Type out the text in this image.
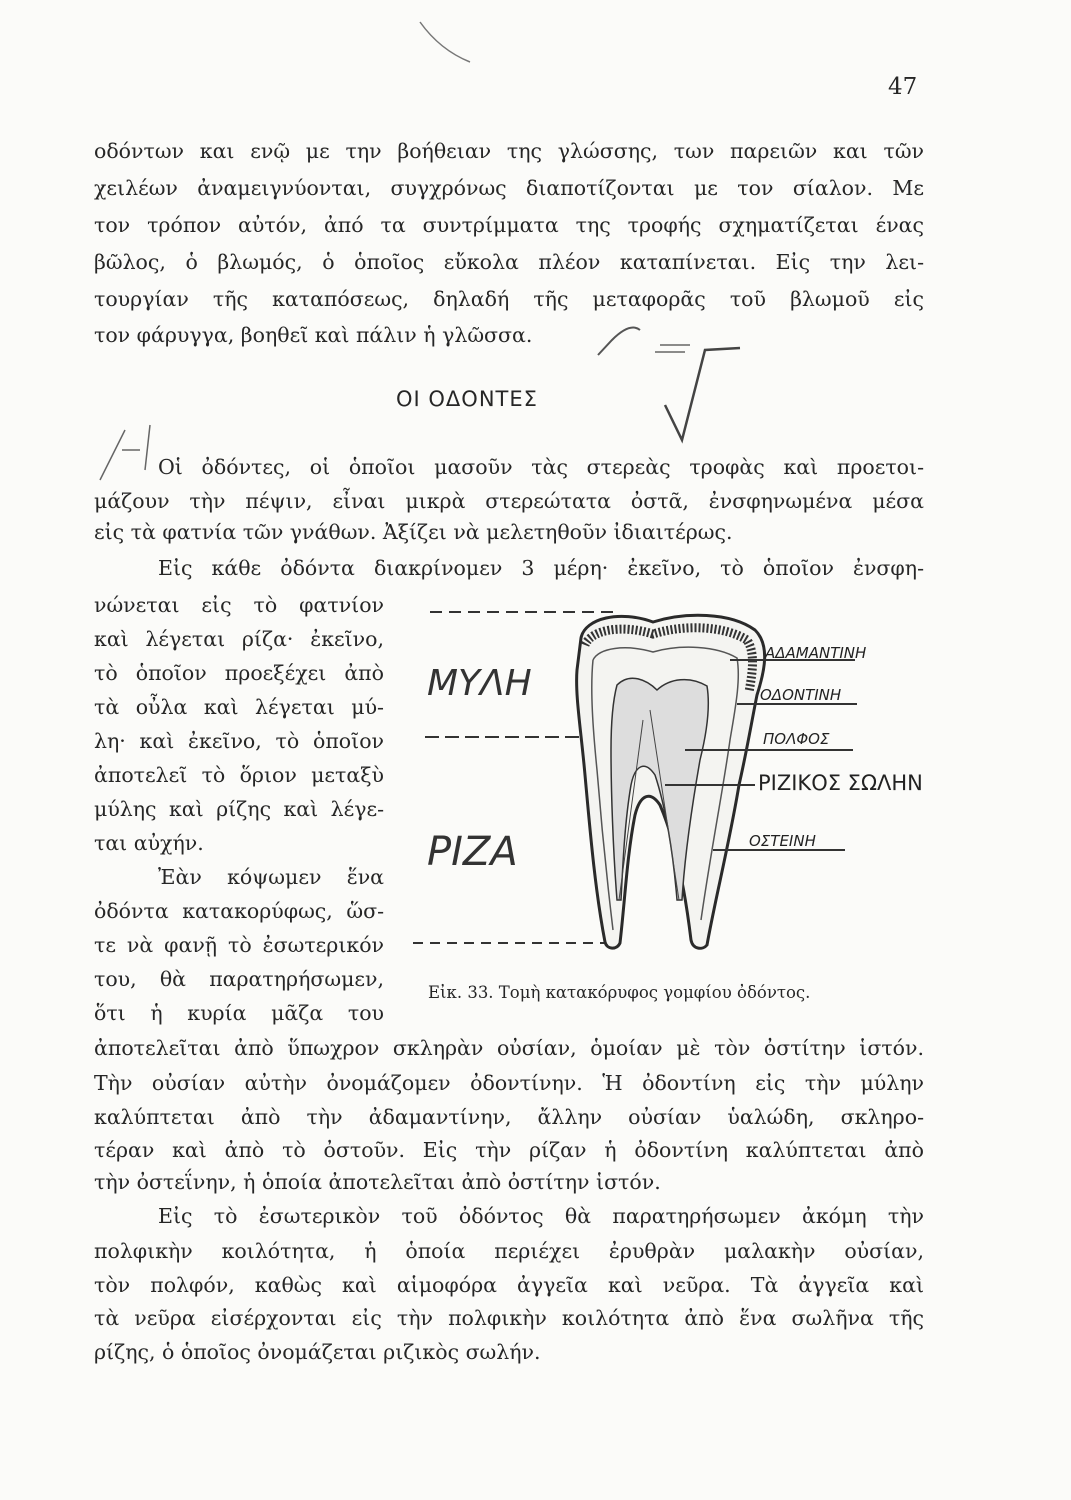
47
οδόντων και ενῷ με την βοήθειαν της γλώσσης, των παρειῶν και τῶν
χειλέων ἀναμειγνύονται, συγχρόνως διαποτίζονται με τον σίαλον. Με
τον τρόπον αὐτόν, ἀπό τα συντρίμματα της τροφής σχηματίζεται ένας
βῶλος, ὁ βλωμός, ὁ ὁποῖος εὔκολα πλέον καταπίνεται. Εἰς την λει-
τουργίαν τῆς καταπόσεως, δηλαδή τῆς μεταφορᾶς τοῦ βλωμοῦ εἰς
τον φάρυγγα, βοηθεῖ καὶ πάλιν ἡ γλῶσσα.
ΟΙ ΟΔΟΝΤΕΣ
Οἱ ὀδόντες, οἱ ὁποῖοι μασοῦν τὰς στερεὰς τροφὰς καὶ προετοι-
μάζουν τὴν πέψιν, εἶναι μικρὰ στερεώτατα ὀστᾶ, ἐνσφηνωμένα μέσα
εἰς τὰ φατνία τῶν γνάθων. Ἀξίζει νὰ μελετηθοῦν ἰδιαιτέρως.
Εἰς κάθε ὀδόντα διακρίνομεν 3 μέρη· ἐκεῖνο, τὸ ὁποῖον ἐνσφη-
νώνεται εἰς τὸ φατνίον
καὶ λέγεται ρίζα· ἐκεῖνο,
τὸ ὁποῖον προεξέχει ἀπὸ
τὰ οὖλα καὶ λέγεται μύ-
λη· καὶ ἐκεῖνο, τὸ ὁποῖον
ἀποτελεῖ τὸ ὅριον μεταξὺ
μύλης καὶ ρίζης καὶ λέγε-
ται αὐχήν.
Ἐὰν κόψωμεν ἕνα
ὀδόντα κατακορύφως, ὥσ-
τε νὰ φανῇ τὸ ἐσωτερικόν
του, θὰ παρατηρήσωμεν,
ὅτι ἡ κυρία μᾶζα του
ἀποτελεῖται ἀπὸ ὕπωχρον σκληρὰν οὐσίαν, ὁμοίαν μὲ τὸν ὀστίτην ἱστόν.
Τὴν οὐσίαν αὐτὴν ὀνομάζομεν ὀδοντίνην. Ἡ ὀδοντίνη εἰς τὴν μύλην
καλύπτεται ἀπὸ τὴν ἀδαμαντίνην, ἄλλην οὐσίαν ὑαλώδη, σκληρο-
τέραν καὶ ἀπὸ τὸ ὀστοῦν. Εἰς τὴν ρίζαν ἡ ὀδοντίνη καλύπτεται ἀπὸ
τὴν ὀστεΐνην, ἡ ὁποία ἀποτελεῖται ἀπὸ ὀστίτην ἱστόν.
Εἰς τὸ ἐσωτερικὸν τοῦ ὀδόντος θὰ παρατηρήσωμεν ἀκόμη τὴν
πολφικὴν κοιλότητα, ἡ ὁποία περιέχει ἐρυθρὰν μαλακὴν οὐσίαν,
τὸν πολφόν, καθὼς καὶ αἱμοφόρα ἀγγεῖα καὶ νεῦρα. Τὰ ἀγγεῖα καὶ
τὰ νεῦρα εἰσέρχονται εἰς τὴν πολφικὴν κοιλότητα ἀπὸ ἕνα σωλῆνα τῆς
ρίζης, ὁ ὁποῖος ὀνομάζεται ριζικὸς σωλήν.
ΜΥΛΗ
ΡΙΖΑ
ΑΔΑΜΑΝΤΙΝΗ
ΟΔΟΝΤΙΝΗ
ΠΟΛΦΟΣ
ΡΙΖΙΚΟΣ ΣΩΛΗΝ
ΟΣΤΕΙΝΗ
Εἰκ. 33. Τομὴ κατακόρυφος γομφίου ὀδόντος.
